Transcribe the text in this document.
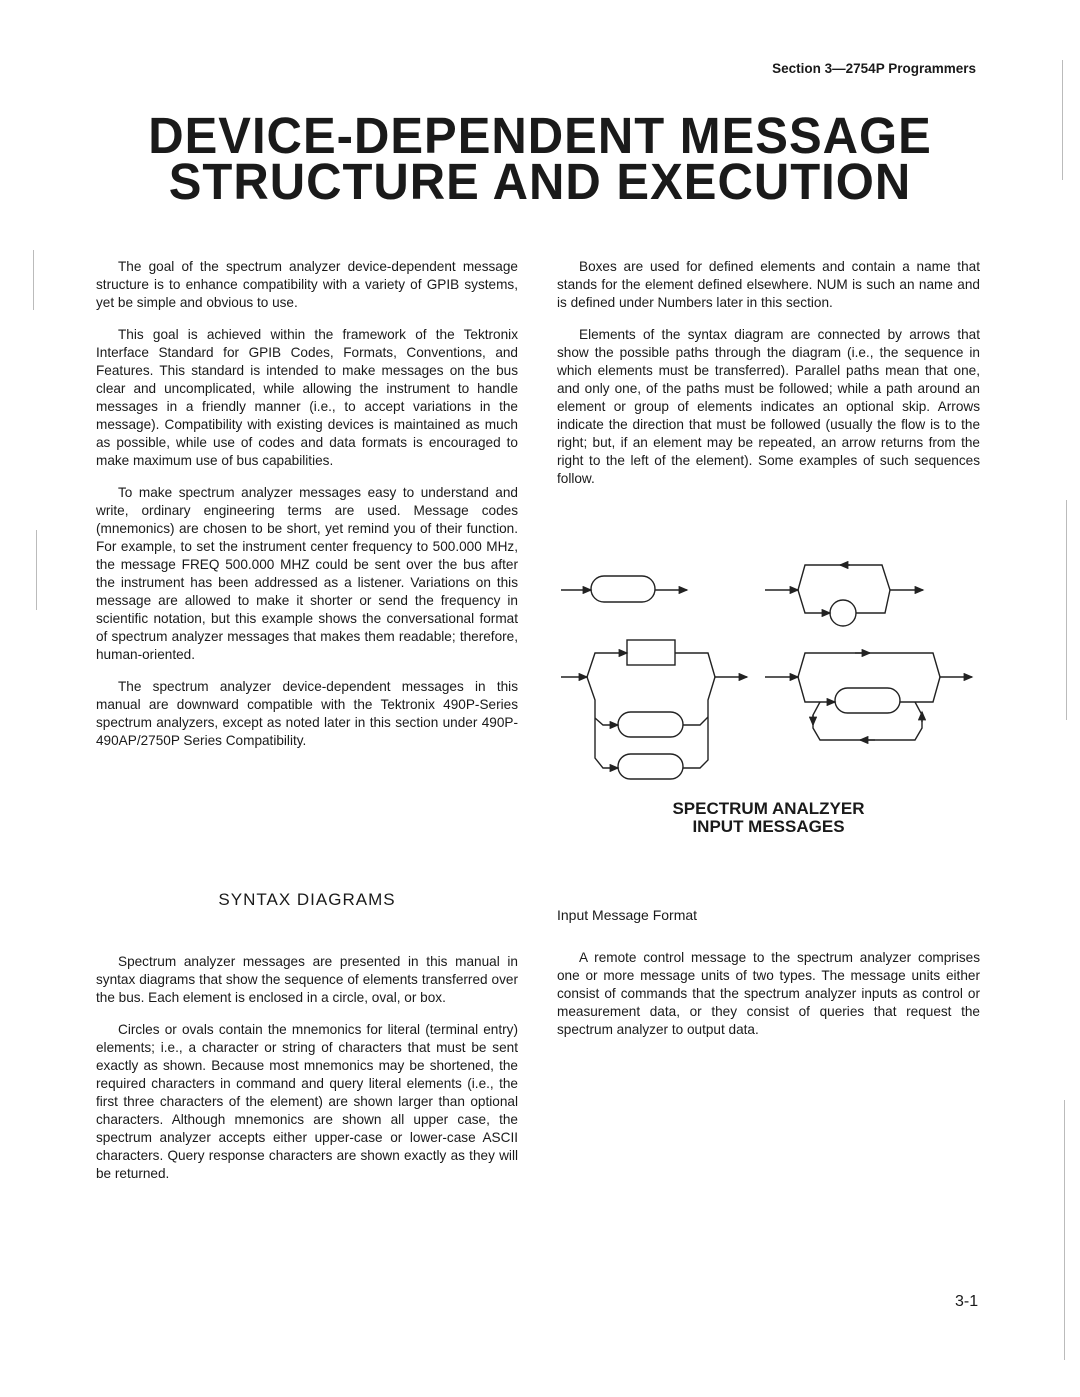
Section 3—2754P Programmers
DEVICE-DEPENDENT MESSAGE
STRUCTURE AND EXECUTION

The goal of the spectrum analyzer device-dependent message structure is to enhance compatibility with a variety of GPIB systems, yet be simple and obvious to use.

This goal is achieved within the framework of the Tektronix Interface Standard for GPIB Codes, Formats, Conventions, and Features. This standard is intended to make messages on the bus clear and uncomplicated, while allowing the instrument to handle messages in a friendly manner (i.e., to accept variations in the message). Compatibility with existing devices is maintained as much as possible, while use of codes and data formats is encouraged to make maximum use of bus capabilities.

To make spectrum analyzer messages easy to understand and write, ordinary engineering terms are used. Message codes (mnemonics) are chosen to be short, yet remind you of their function. For example, to set the instrument center frequency to 500.000 MHz, the message FREQ 500.000 MHZ could be sent over the bus after the instrument has been addressed as a listener. Variations on this message are allowed to make it shorter or send the frequency in scientific notation, but this example shows the conversational format of spectrum analyzer messages that makes them readable; therefore, human-oriented.

The spectrum analyzer device-dependent messages in this manual are downward compatible with the Tektronix 490P-Series spectrum analyzers, except as noted later in this section under 490P-490AP/2750P Series Compatibility.

SYNTAX DIAGRAMS

Spectrum analyzer messages are presented in this manual in syntax diagrams that show the sequence of elements transferred over the bus. Each element is enclosed in a circle, oval, or box.

Circles or ovals contain the mnemonics for literal (terminal entry) elements; i.e., a character or string of characters that must be sent exactly as shown. Because most mnemonics may be shortened, the required characters in command and query literal elements (i.e., the first three characters of the element) are shown larger than optional characters. Although mnemonics are shown all upper case, the spectrum analyzer accepts either upper-case or lower-case ASCII characters. Query response characters are shown exactly as they will be returned.

Boxes are used for defined elements and contain a name that stands for the element defined elsewhere. NUM is such an name and is defined under Numbers later in this section.

Elements of the syntax diagram are connected by arrows that show the possible paths through the diagram (i.e., the sequence in which elements must be transferred). Parallel paths mean that one, and only one, of the paths must be followed; while a path around an element or group of elements indicates an optional skip. Arrows indicate the direction that must be followed (usually the flow is to the right; but, if an element may be repeated, an arrow returns from the right to the left of the element). Some examples of such sequences follow.

SPECTRUM ANALZYER
INPUT MESSAGES
Input Message Format

A remote control message to the spectrum analyzer comprises one or more message units of two types. The message units either consist of commands that the spectrum analyzer inputs as control or measurement data, or they consist of queries that request the spectrum analyzer to output data.

3-1
